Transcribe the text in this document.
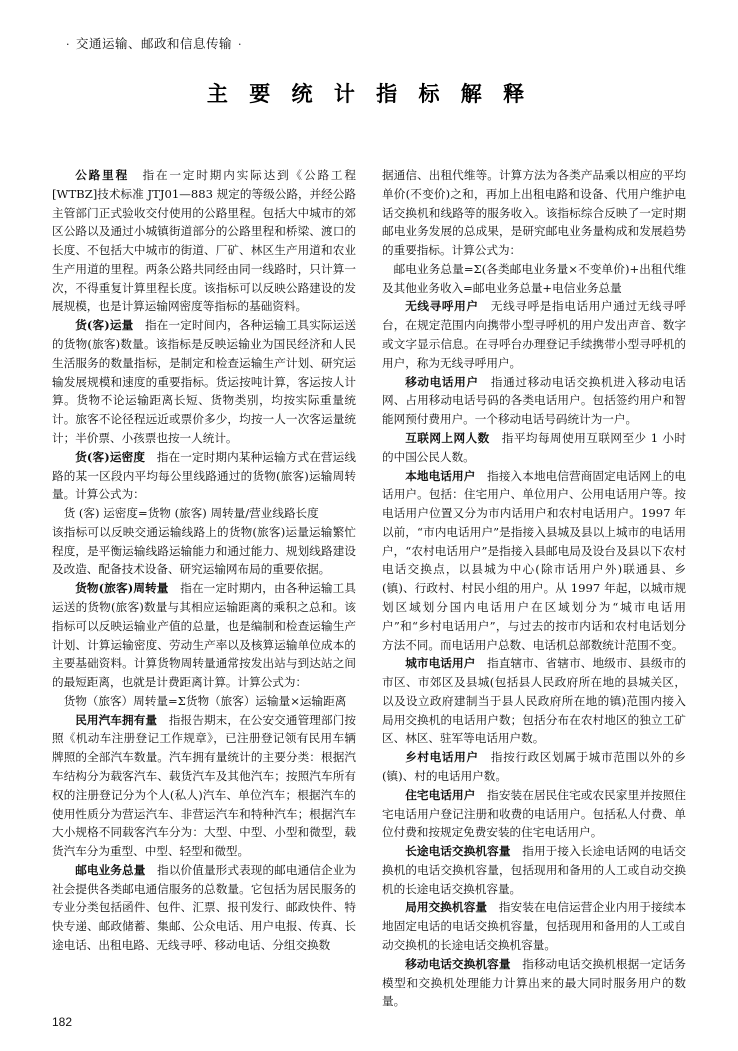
· 交通运输、邮政和信息传输 ·
主 要 统 计 指 标 解 释

公路里程　 指在一定时期内实际达到《公路工程[WTBZ]技术标准 JTJ01—883 规定的等级公路，并经公路主管部门正式验收交付使用的公路里程。包括大中城市的郊区公路以及通过小城镇街道部分的公路里程和桥梁、渡口的长度、不包括大中城市的街道、厂矿、林区生产用道和农业生产用道的里程。两条公路共同经由同一线路时，只计算一次，不得重复计算里程长度。该指标可以反映公路建设的发展规模，也是计算运输网密度等指标的基础资料。

货(客)运量　 指在一定时间内，各种运输工具实际运送的货物(旅客)数量。该指标是反映运输业为国民经济和人民生活服务的数量指标，是制定和检查运输生产计划、研究运输发展规模和速度的重要指标。货运按吨计算，客运按人计算。货物不论运输距离长短、货物类别，均按实际重量统计。旅客不论径程远近或票价多少，均按一人一次客运量统计；半价票、小孩票也按一人统计。

货(客)运密度　 指在一定时期内某种运输方式在营运线路的某一区段内平均每公里线路通过的货物(旅客)运输周转量。计算公式为：

货 (客) 运密度=货物 (旅客) 周转量/营业线路长度

该指标可以反映交通运输线路上的货物(旅客)运量运输繁忙程度，是平衡运输线路运输能力和通过能力、规划线路建设及改造、配备技术设备、研究运输网布局的重要依据。

货物(旅客)周转量　 指在一定时期内，由各种运输工具运送的货物(旅客)数量与其相应运输距离的乘积之总和。该指标可以反映运输业产值的总量，也是编制和检查运输生产计划、计算运输密度、劳动生产率以及核算运输单位成本的主要基础资料。计算货物周转量通常按发出站与到达站之间的最短距离，也就是计费距离计算。计算公式为：

货物（旅客）周转量=Σ货物（旅客）运输量×运输距离

民用汽车拥有量　 指报告期末，在公安交通管理部门按照《机动车注册登记工作规章》，已注册登记领有民用车辆牌照的全部汽车数量。汽车拥有量统计的主要分类：根据汽车结构分为载客汽车、载货汽车及其他汽车；按照汽车所有权的注册登记分为个人(私人)汽车、单位汽车；根据汽车的使用性质分为营运汽车、非营运汽车和特种汽车；根据汽车大小规格不同载客汽车分为：大型、中型、小型和微型，载货汽车分为重型、中型、轻型和微型。

邮电业务总量　 指以价值量形式表现的邮电通信企业为社会提供各类邮电通信服务的总数量。它包括为居民服务的专业分类包括函件、包件、汇票、报刊发行、邮政快件、特快专递、邮政储蓄、集邮、公众电话、用户电报、传真、长途电话、出租电路、无线寻呼、移动电话、分组交换数

据通信、出租代维等。计算方法为各类产品乘以相应的平均单价(不变价)之和，再加上出租电路和设备、代用户维护电话交换机和线路等的服务收入。该指标综合反映了一定时期邮电业务发展的总成果，是研究邮电业务量构成和发展趋势的重要指标。计算公式为：

邮电业务总量=Σ(各类邮电业务量×不变单价)+出租代维及其他业务收入=邮电业务总量+电信业务总量

无线寻呼用户　 无线寻呼是指电话用户通过无线寻呼台，在规定范围内向携带小型寻呼机的用户发出声音、数字或文字显示信息。在寻呼台办理登记手续携带小型寻呼机的用户，称为无线寻呼用户。

移动电话用户　 指通过移动电话交换机进入移动电话网、占用移动电话号码的各类电话用户。包括签约用户和智能网预付费用户。一个移动电话号码统计为一户。

互联网上网人数　 指平均每周使用互联网至少 1 小时的中国公民人数。

本地电话用户　 指接入本地电信营商固定电话网上的电话用户。包括：住宅用户、单位用户、公用电话用户等。按电话用户位置又分为市内话用户和农村电话用户。1997 年以前，“市内电话用户”是指接入县城及县以上城市的电话用户，“农村电话用户”是指接入县邮电局及设台及县以下农村电话交换点，以县城为中心(除市话用户外)联通县、乡(镇)、行政村、村民小组的用户。从 1997 年起，以城市规划区域划分国内电话用户在区域划分为“城市电话用户”和“乡村电话用户”，与过去的按市内话和农村电话划分方法不同。而电话用户总数、电话机总部数统计范围不变。

城市电话用户　 指直辖市、省辖市、地级市、县级市的市区、市郊区及县城(包括县人民政府所在地的县城关区，以及设立政府建制当于县人民政府所在地的镇)范围内接入局用交换机的电话用户数；包括分布在农村地区的独立工矿区、林区、驻军等电话用户数。

乡村电话用户　 指按行政区划属于城市范围以外的乡(镇)、村的电话用户数。

住宅电话用户　 指安装在居民住宅或农民家里并按照住宅电话用户登记注册和收费的电话用户。包括私人付费、单位付费和按规定免费安装的住宅电话用户。

长途电话交换机容量　 指用于接入长途电话网的电话交换机的电话交换机容量，包括现用和备用的人工或自动交换机的长途电话交换机容量。

局用交换机容量　 指安装在电信运营企业内用于接续本地固定电话的电话交换机容量，包括现用和备用的人工或自动交换机的长途电话交换机容量。

移动电话交换机容量　 指移动电话交换机根据一定话务模型和交换机处理能力计算出来的最大同时服务用户的数量。

182
